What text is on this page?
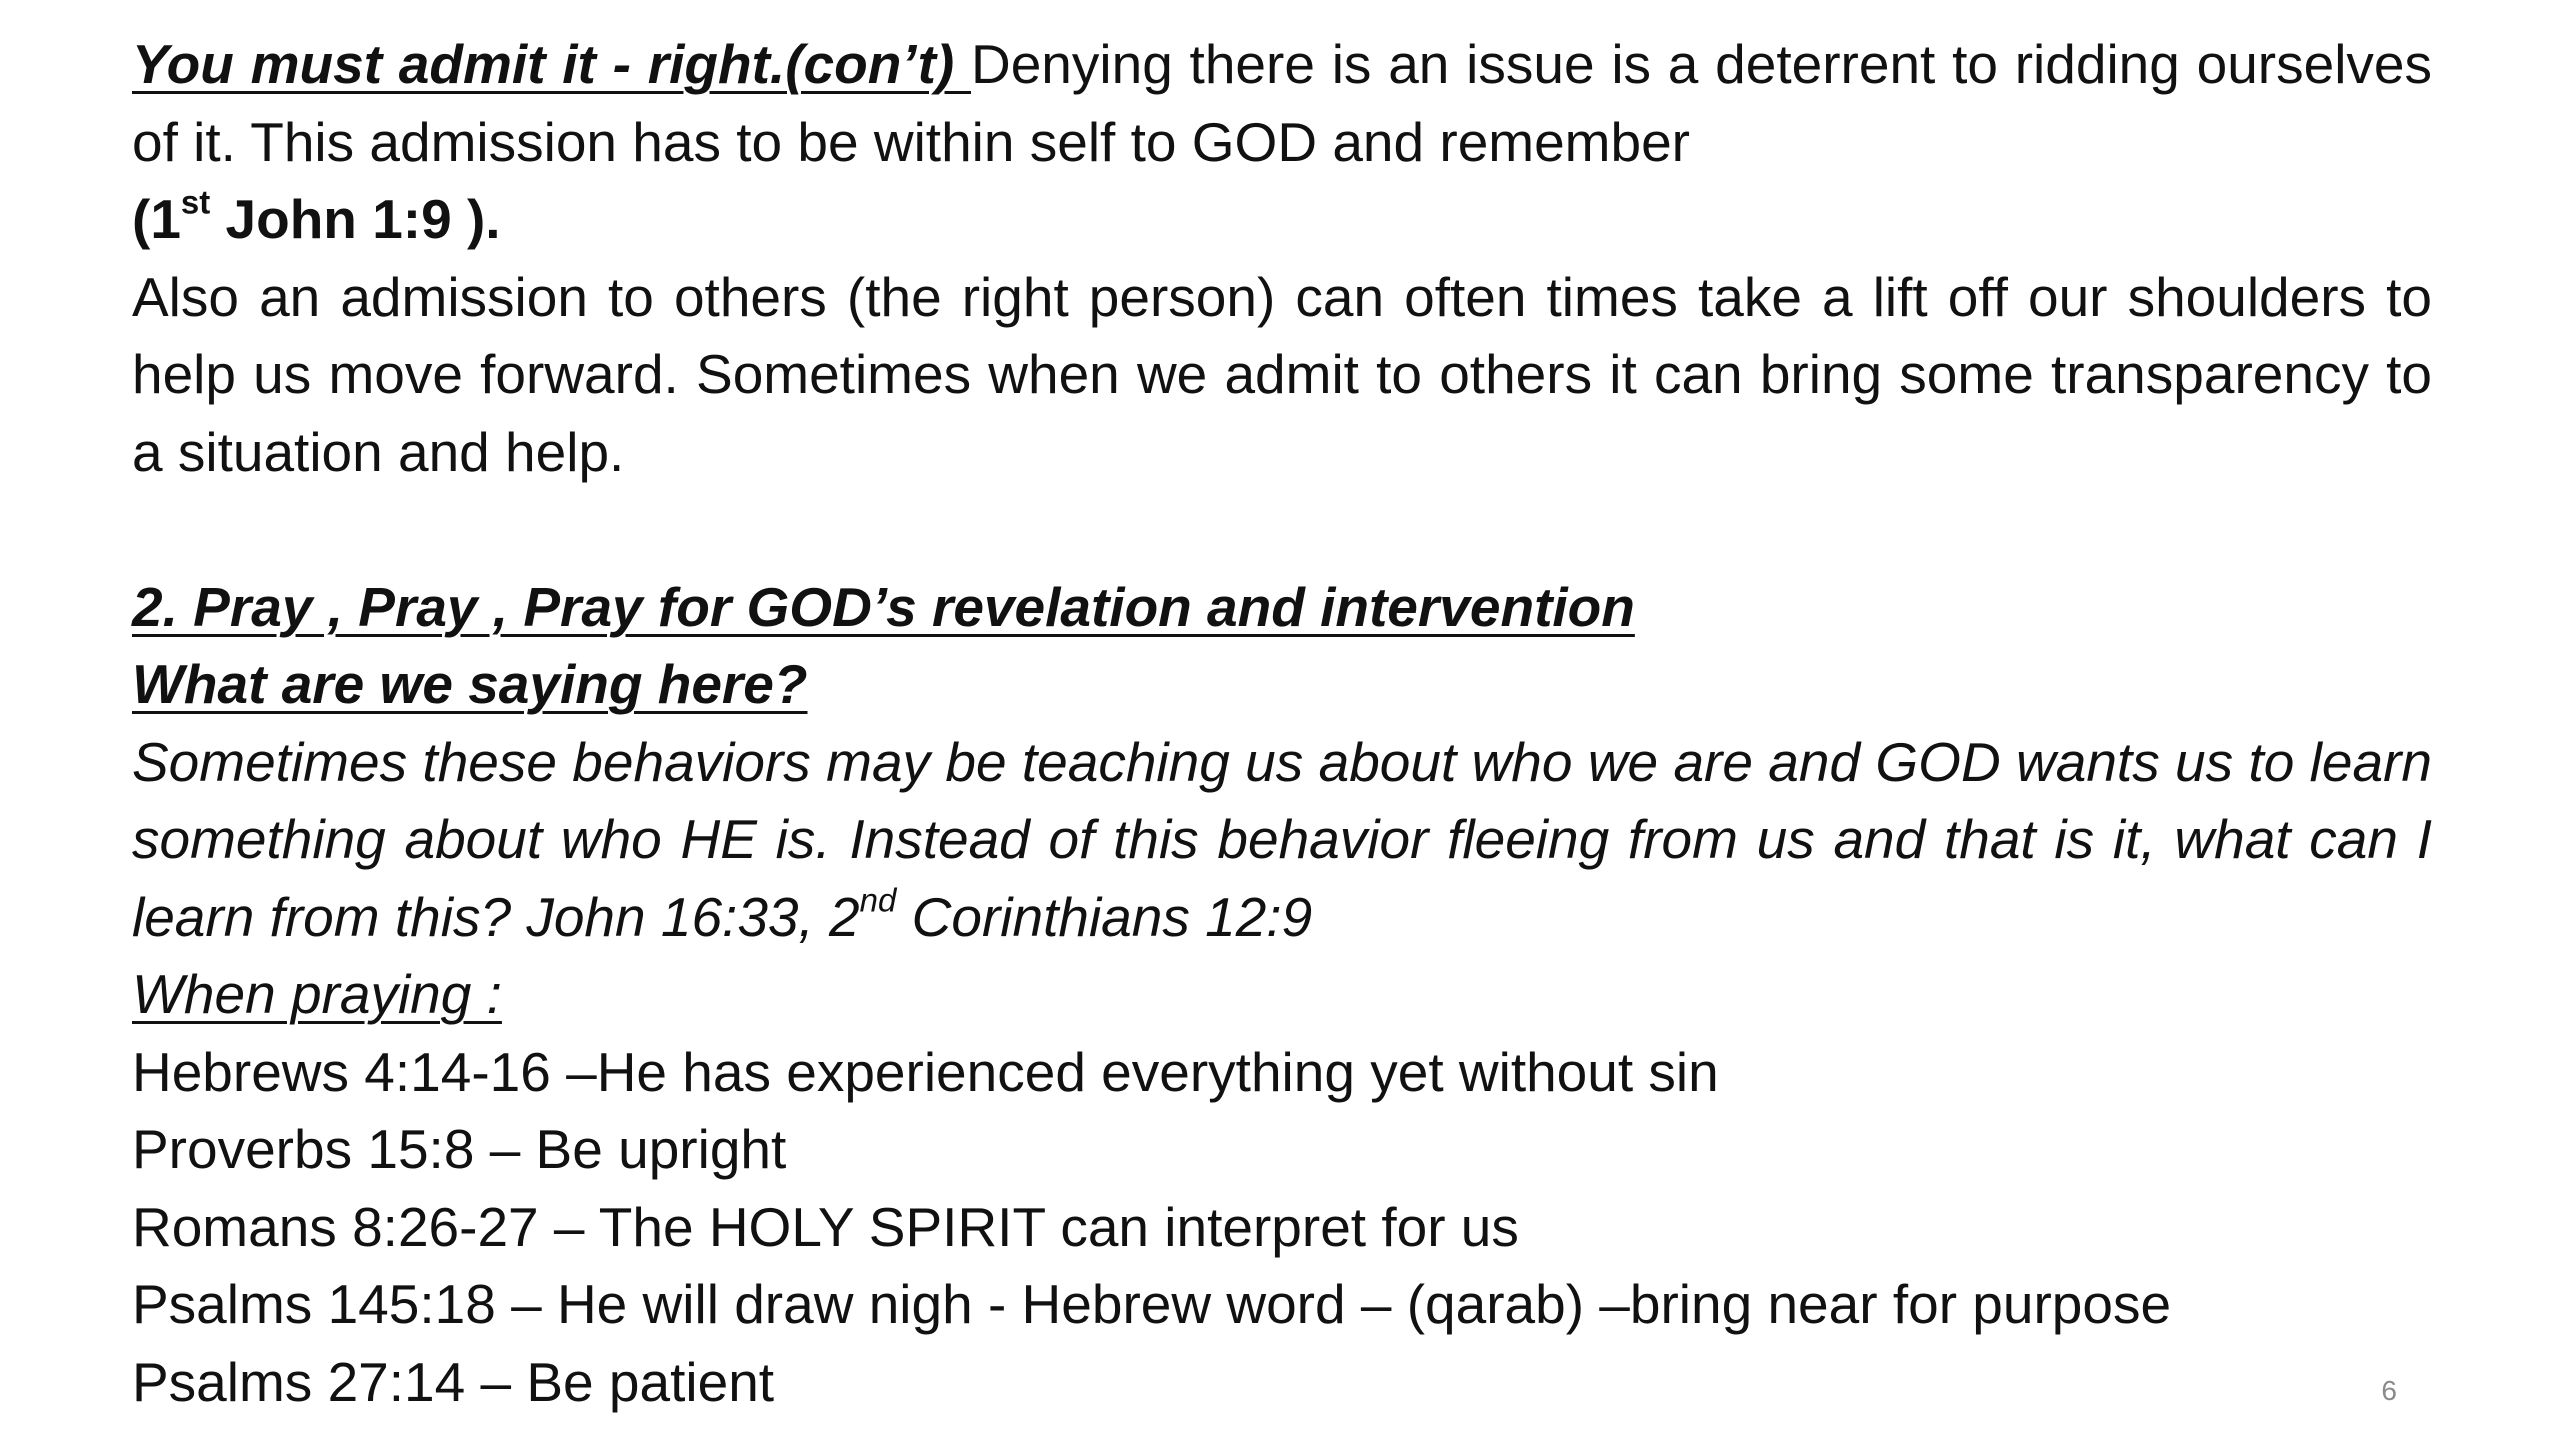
You must admit it - right.(con’t) Denying there is an issue is a deterrent to ridding ourselves of it. This admission has to be within self to GOD and remember

(1st John 1:9 ).

Also an admission to others (the right person) can often times take a lift off our shoulders to help us move forward. Sometimes when we admit to others it can bring some transparency to a situation and help.

2. Pray , Pray , Pray for GOD’s revelation and intervention

What are we saying here?

Sometimes these behaviors may be teaching us about who we are and GOD wants us to learn something about who HE is. Instead of this behavior fleeing from us and that is it, what can I learn from this? John 16:33, 2nd Corinthians 12:9

When praying :

Hebrews 4:14-16 –He has experienced everything yet without sin

Proverbs 15:8 – Be upright

Romans 8:26-27 – The HOLY SPIRIT can interpret for us

Psalms 145:18 – He will draw nigh - Hebrew word – (qarab) –bring near for purpose

Psalms 27:14 – Be patient	6
